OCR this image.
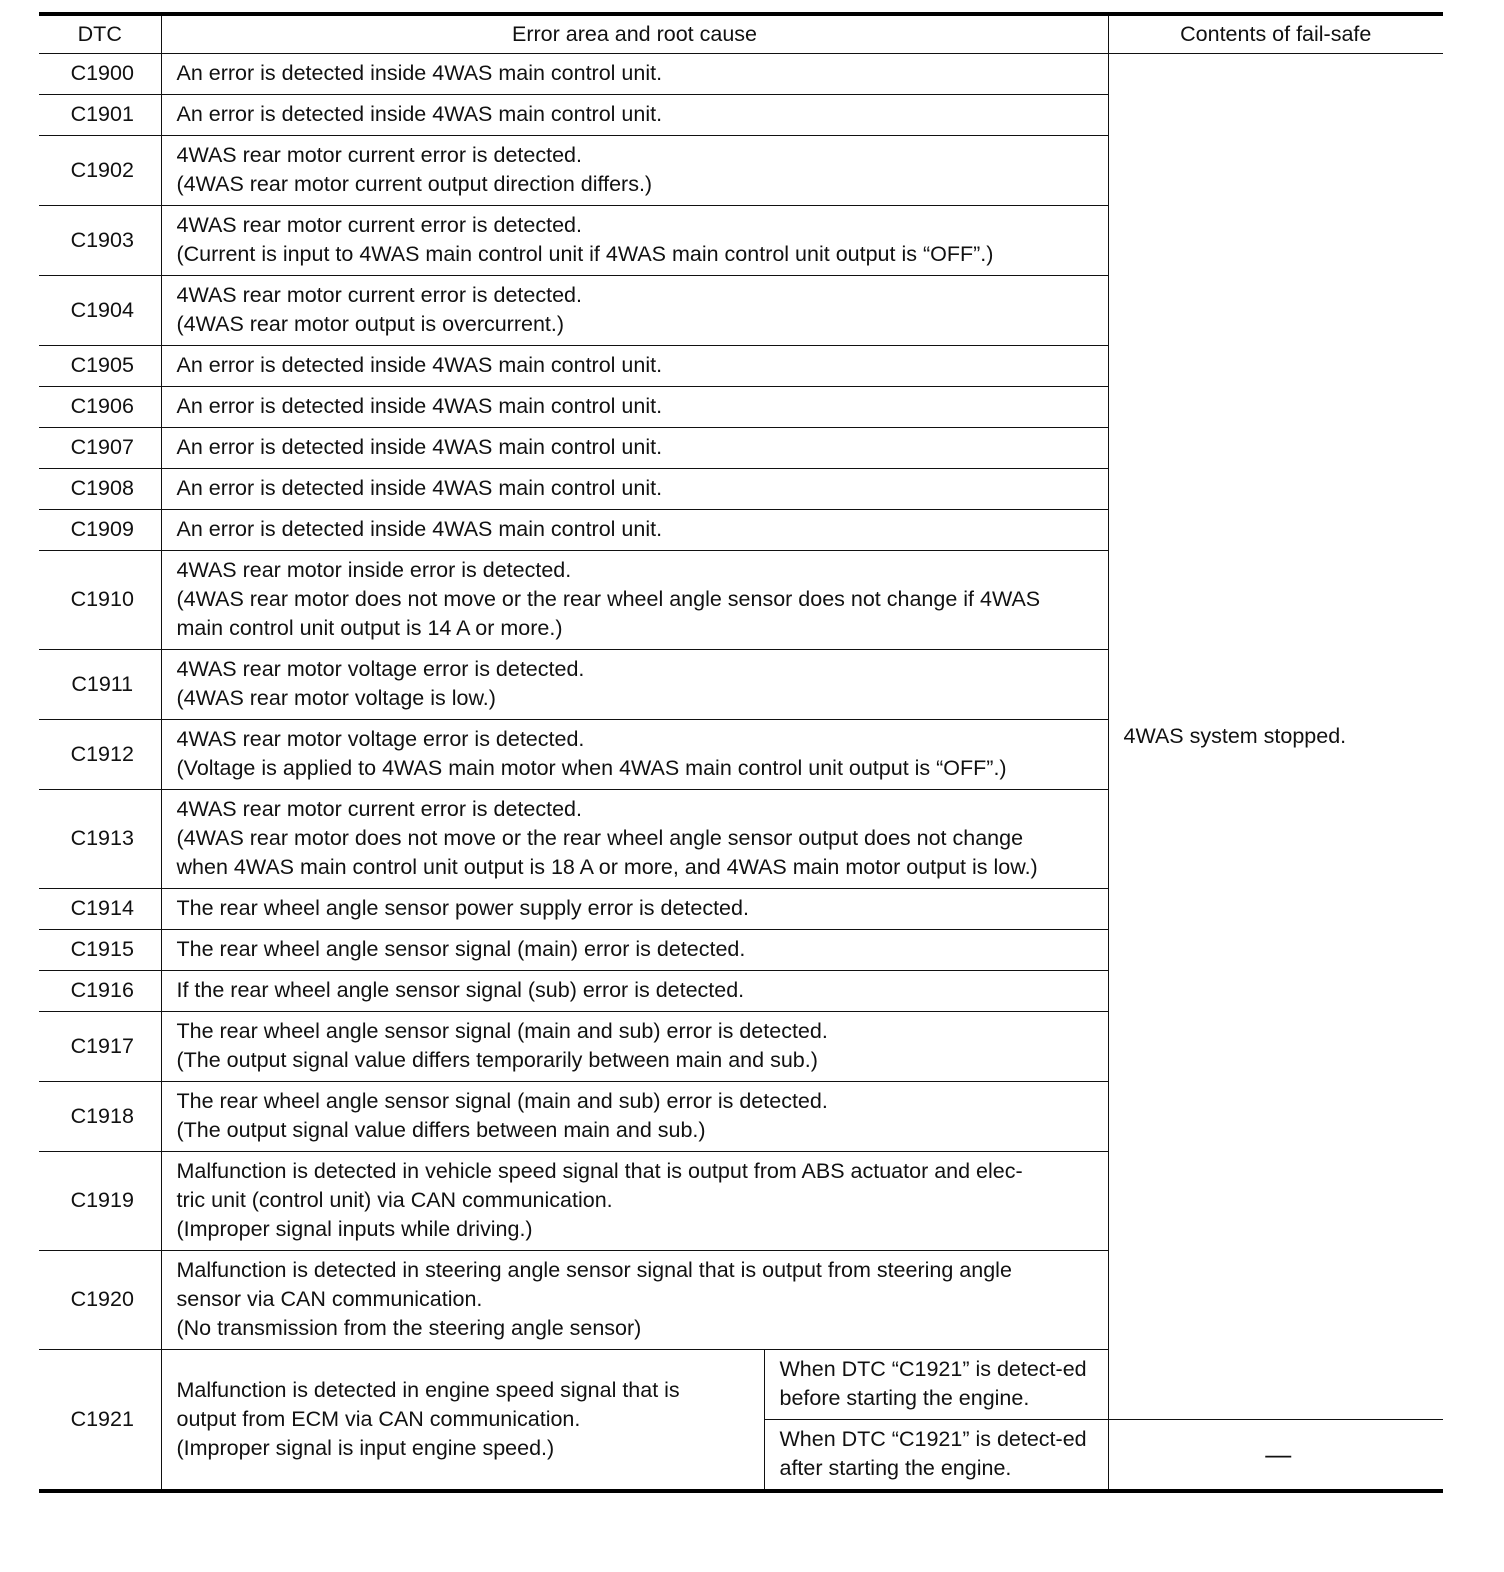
DTC	Error area and root cause		Contents of fail-safe
C1900	An error is detected inside 4WAS main control unit.		4WAS system stopped.
C1901	An error is detected inside 4WAS main control unit.		

C1902	4WAS rear motor current error is detected.
(4WAS rear motor current output direction differs.)		

C1903	4WAS rear motor current error is detected.
(Current is input to 4WAS main control unit if 4WAS main control unit output is “OFF”.)		

C1904	4WAS rear motor current error is detected.
(4WAS rear motor output is overcurrent.)		

C1905	An error is detected inside 4WAS main control unit.		

C1906	An error is detected inside 4WAS main control unit.		

C1907	An error is detected inside 4WAS main control unit.		

C1908	An error is detected inside 4WAS main control unit.		

C1909	An error is detected inside 4WAS main control unit.		

C1910	4WAS rear motor inside error is detected.
(4WAS rear motor does not move or the rear wheel angle sensor does not change if 4WAS
main control unit output is 14 A or more.)		

C1911	4WAS rear motor voltage error is detected.
(4WAS rear motor voltage is low.)		

C1912	4WAS rear motor voltage error is detected.
(Voltage is applied to 4WAS main motor when 4WAS main control unit output is “OFF”.)		

C1913	4WAS rear motor current error is detected.
(4WAS rear motor does not move or the rear wheel angle sensor output does not change
when 4WAS main control unit output is 18 A or more, and 4WAS main motor output is low.)		

C1914	The rear wheel angle sensor power supply error is detected.		

C1915	The rear wheel angle sensor signal (main) error is detected.		

C1916	If the rear wheel angle sensor signal (sub) error is detected.		

C1917	The rear wheel angle sensor signal (main and sub) error is detected.
(The output signal value differs temporarily between main and sub.)		

C1918	The rear wheel angle sensor signal (main and sub) error is detected.
(The output signal value differs between main and sub.)		

C1919	Malfunction is detected in vehicle speed signal that is output from ABS actuator and elec-
tric unit (control unit) via CAN communication.
(Improper signal inputs while driving.)		

C1920	Malfunction is detected in steering angle sensor signal that is output from steering angle
sensor via CAN communication.
(No transmission from the steering angle sensor)		

C1921	Malfunction is detected in engine speed signal that is
output from ECM via CAN communication.
(Improper signal is input engine speed.)	When DTC “C1921” is detect-ed before starting the engine.	
		When DTC “C1921” is detect-ed after starting the engine.	—
